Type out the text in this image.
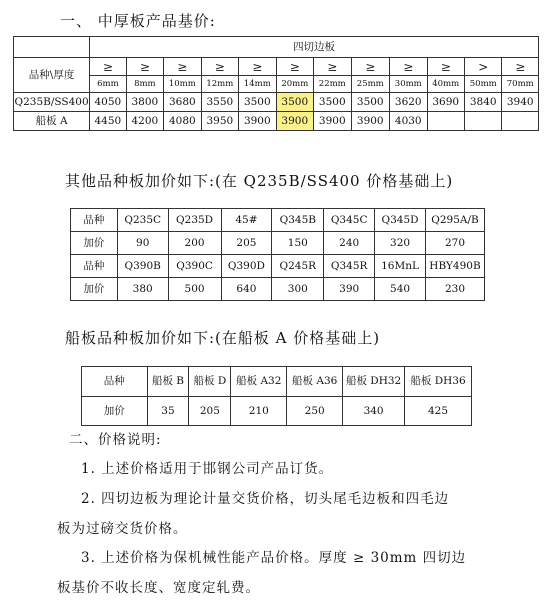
一、 中厚板产品基价:
	四切边板											
品种\厚度	≥	≥	≥	≥	≥	≥	≥	≥	≥	≥	>	≥
	6mm	8mm	10mm	12mm	14mm	20mm	22mm	25mm	30mm	40mm	50mm	70mm
Q235B/SS400	4050	3800	3680	3550	3500	3500	3500	3500	3620	3690	3840	3940
船板 A	4450	4200	4080	3950	3900	3900	3900	3900	4030			
其他品种板加价如下:(在 Q235B/SS400 价格基础上)
品种	Q235C	Q235D	45#	Q345B	Q345C	Q345D	Q295A/B
加价	90	200	205	150	240	320	270
品种	Q390B	Q390C	Q390D	Q245R	Q345R	16MnL	HBY490B
加价	380	500	640	300	390	540	230
船板品种板加价如下:(在船板 A 价格基础上)
品种	船板 B	船板 D	船板 A32	船板 A36	船板 DH32	船板 DH36
加价	35	205	210	250	340	425
二、价格说明:
1. 上述价格适用于邯钢公司产品订货。
2. 四切边板为理论计量交货价格，切头尾毛边板和四毛边
板为过磅交货价格。
3. 上述价格为保机械性能产品价格。厚度 ≥ 30mm 四切边
板基价不收长度、宽度定轧费。
